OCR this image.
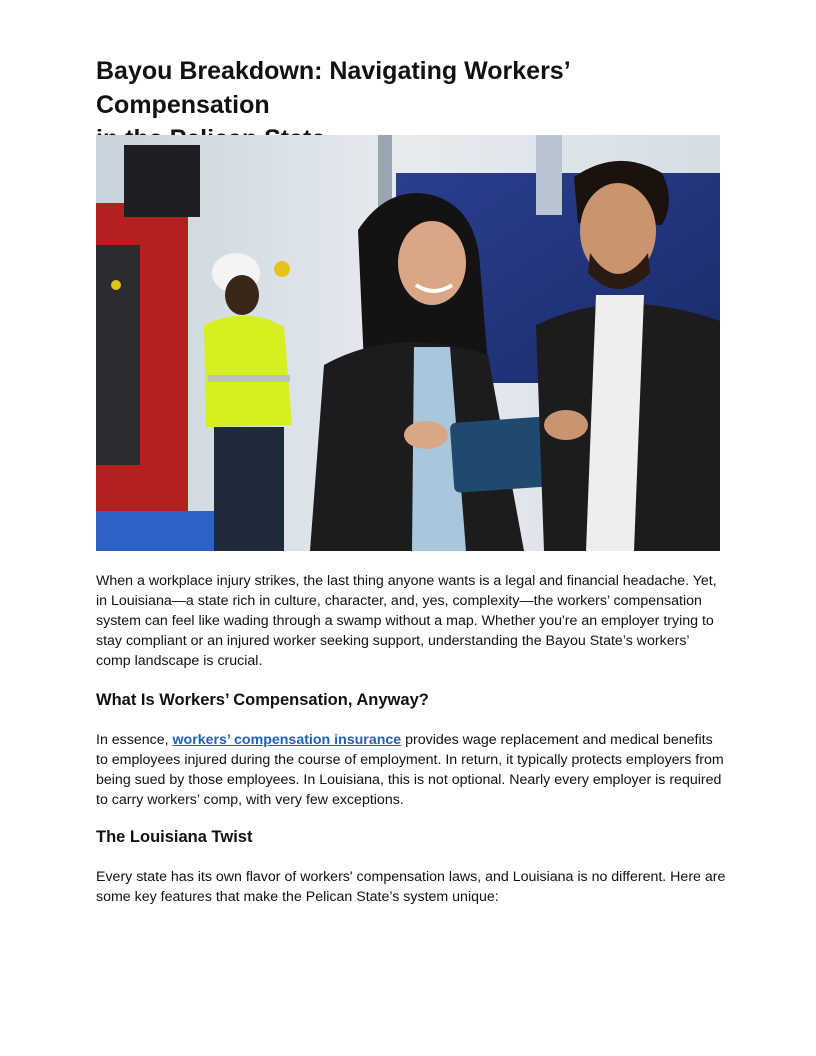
Bayou Breakdown: Navigating Workers’ Compensation

When a workplace injury strikes, the last thing anyone wants is a legal and financial headache. Yet, in Louisiana—a state rich in culture, character, and, yes, complexity—the workers’ compensation system can feel like wading through a swamp without a map. Whether you're an employer trying to stay compliant or an injured worker seeking support, understanding the Bayou State’s workers’ comp landscape is crucial.

What Is Workers’ Compensation, Anyway?

In essence, workers’ compensation insurance provides wage replacement and medical benefits to employees injured during the course of employment. In return, it typically protects employers from being sued by those employees. In Louisiana, this is not optional. Nearly every employer is required to carry workers’ comp, with very few exceptions.

The Louisiana Twist

Every state has its own flavor of workers' compensation laws, and Louisiana is no different. Here are some key features that make the Pelican State’s system unique:
